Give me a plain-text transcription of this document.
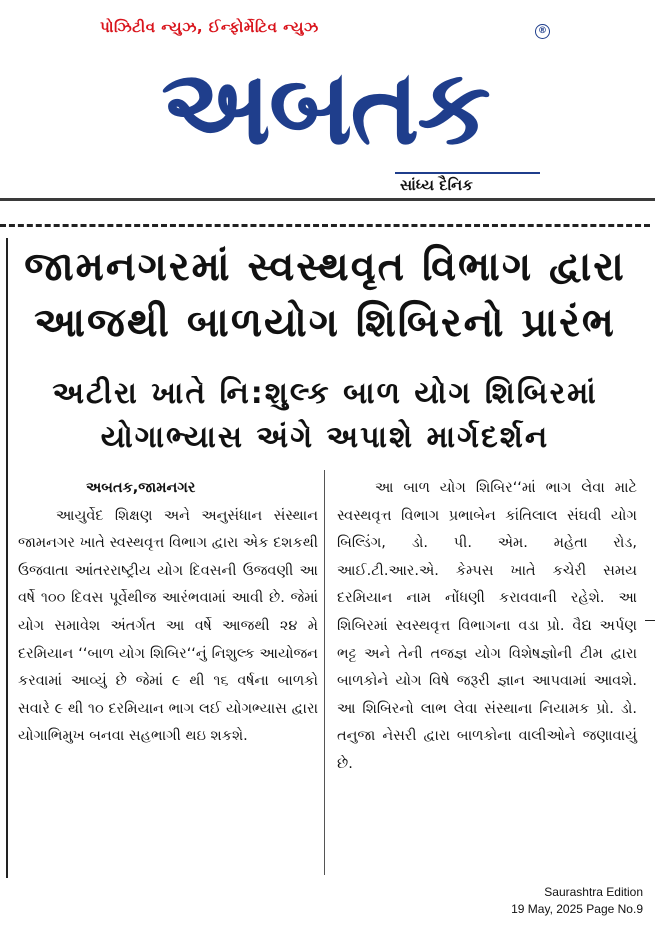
પોઝિટીવ ન્યુઝ, ઈન્ફોર્મેટિવ ન્યુઝ	®
અબતક
સાંધ્ય દૈનિક
જામનગરમાં સ્વસ્થવૃત વિભાગ દ્વારા
આજથી બાળયોગ શિબિરનો પ્રારંભ
અટીરા ખાતે નિ:શુલ્ક બાળ યોગ શિબિરમાં
યોગાભ્યાસ અંગે અપાશે માર્ગદર્શન
અબતક,જામનગર
આયુર્વેદ શિક્ષણ અને અનુસંધાન સંસ્થાન જામનગર ખાતે સ્વસ્થવૃત્ત વિભાગ દ્વારા એક દશકથી ઉજવાતા આંતરરાષ્ટ્રીય યોગ દિવસની ઉજવણી આ વર્ષે ૧૦૦ દિવસ પૂર્વેથીજ આરંભવામાં આવી છે. જેમાં યોગ સમાવેશ અંતર્ગત આ વર્ષે આજથી ૨૪ મે દરમિયાન ‘‘બાળ યોગ શિબિર‘‘નું નિશુલ્ક આયોજન કરવામાં આવ્યું છે જેમાં ૯ થી ૧૬ વર્ષના બાળકો સવારે ૯ થી ૧૦ દરમિયાન ભાગ લઈ યોગભ્યાસ દ્વારા યોગાભિમુખ બનવા સહભાગી થઇ શકશે.
આ બાળ યોગ શિબિર‘‘માં ભાગ લેવા માટે સ્વસ્થવૃત્ત વિભાગ પ્રભાબેન કાંતિલાલ સંઘવી યોગ બિલ્ડિંગ, ડો. પી. એમ. મહેતા રોડ, આઈ.ટી.આર.એ. કેમ્પસ ખાતે કચેરી સમય દરમિયાન નામ નોંધણી કરાવવાની રહેશે. આ શિબિરમાં સ્વસ્થવૃત્ત વિભાગના વડા પ્રો. વૈદ્ય અર્પણ ભટ્ટ અને તેની તજજ્ઞ યોગ વિશેષજ્ઞોની ટીમ દ્વારા બાળકોને યોગ વિષે જરૂરી જ્ઞાન આપવામાં આવશે. આ શિબિરનો લાભ લેવા સંસ્થાના નિયામક પ્રો. ડો. તનુજા નેસરી દ્વારા બાળકોના વાલીઓને જણાવાયું છે.
Saurashtra Edition
19 May, 2025 Page No.9
